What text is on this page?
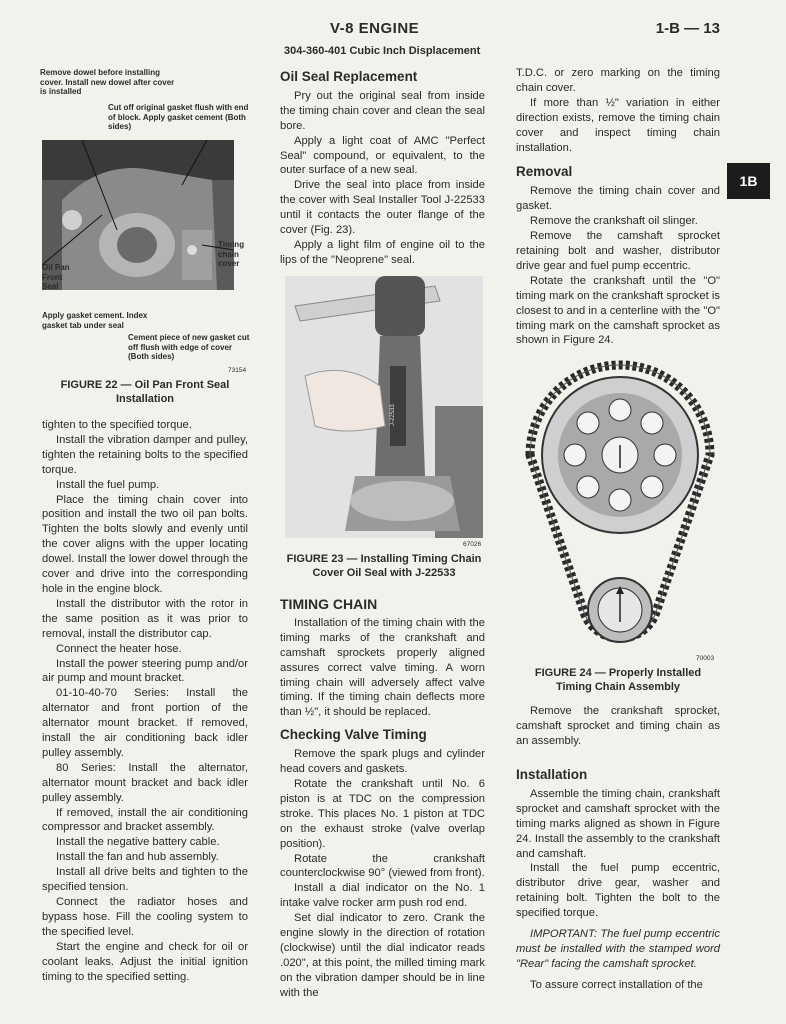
V-8 ENGINE	1-B — 13
304-360-401 Cubic Inch Displacement
1B
Remove dowel before installing cover. Install new dowel after cover is installed
Cut off original gasket flush with end of block. Apply gasket cement (Both sides)
Timing chain cover
Oil Pan Front Seal
Apply gasket cement. Index gasket tab under seal
Cement piece of new gasket cut off flush with edge of cover (Both sides)
73154
FIGURE 22 — Oil Pan Front Seal Installation

tighten to the specified torque.

Install the vibration damper and pulley, tighten the retaining bolts to the specified torque.

Install the fuel pump.

Place the timing chain cover into position and install the two oil pan bolts. Tighten the bolts slowly and evenly until the cover aligns with the upper locating dowel. Install the lower dowel through the cover and drive into the corresponding hole in the engine block.

Install the distributor with the rotor in the same position as it was prior to removal, install the distributor cap.

Connect the heater hose.

Install the power steering pump and/or air pump and mount bracket.

01-10-40-70 Series: Install the alternator and front portion of the alternator mount bracket. If removed, install the air conditioning back idler pulley assembly.

80 Series: Install the alternator, alternator mount bracket and back idler pulley assembly.

If removed, install the air conditioning compressor and bracket assembly.

Install the negative battery cable.

Install the fan and hub assembly.

Install all drive belts and tighten to the specified tension.

Connect the radiator hoses and bypass hose. Fill the cooling system to the specified level.

Start the engine and check for oil or coolant leaks. Adjust the initial ignition timing to the specified setting.

Oil Seal Replacement

Pry out the original seal from inside the timing chain cover and clean the seal bore.

Apply a light coat of AMC "Perfect Seal" compound, or equivalent, to the outer surface of a new seal.

Drive the seal into place from inside the cover with Seal Installer Tool J-22533 until it contacts the outer flange of the cover (Fig. 23).

Apply a light film of engine oil to the lips of the "Neoprene" seal.

J-22533
67026
FIGURE 23 — Installing Timing Chain Cover Oil Seal with J-22533
TIMING CHAIN

Installation of the timing chain with the timing marks of the crankshaft and camshaft sprockets properly aligned assures correct valve timing. A worn timing chain will adversely affect valve timing. If the timing chain deflects more than ½", it should be replaced.

Checking Valve Timing

Remove the spark plugs and cylinder head covers and gaskets.

Rotate the crankshaft until No. 6 piston is at TDC on the compression stroke. This places No. 1 piston at TDC on the exhaust stroke (valve overlap position).

Rotate the crankshaft counterclockwise 90° (viewed from front).

Install a dial indicator on the No. 1 intake valve rocker arm push rod end.

Set dial indicator to zero. Crank the engine slowly in the direction of rotation (clockwise) until the dial indicator reads .020", at this point, the milled timing mark on the vibration damper should be in line with the

T.D.C. or zero marking on the timing chain cover.

If more than ½" variation in either direction exists, remove the timing chain cover and inspect timing chain installation.

Removal

Remove the timing chain cover and gasket.

Remove the crankshaft oil slinger.

Remove the camshaft sprocket retaining bolt and washer, distributor drive gear and fuel pump eccentric.

Rotate the crankshaft until the "O" timing mark on the crankshaft sprocket is closest to and in a centerline with the "O" timing mark on the camshaft sprocket as shown in Figure 24.

70003
FIGURE 24 — Properly Installed Timing Chain Assembly

Remove the crankshaft sprocket, camshaft sprocket and timing chain as an assembly.

Installation

Assemble the timing chain, crankshaft sprocket and camshaft sprocket with the timing marks aligned as shown in Figure 24. Install the assembly to the crankshaft and camshaft.

Install the fuel pump eccentric, distributor drive gear, washer and retaining bolt. Tighten the bolt to the specified torque.

IMPORTANT: The fuel pump eccentric must be installed with the stamped word "Rear" facing the camshaft sprocket.

To assure correct installation of the
